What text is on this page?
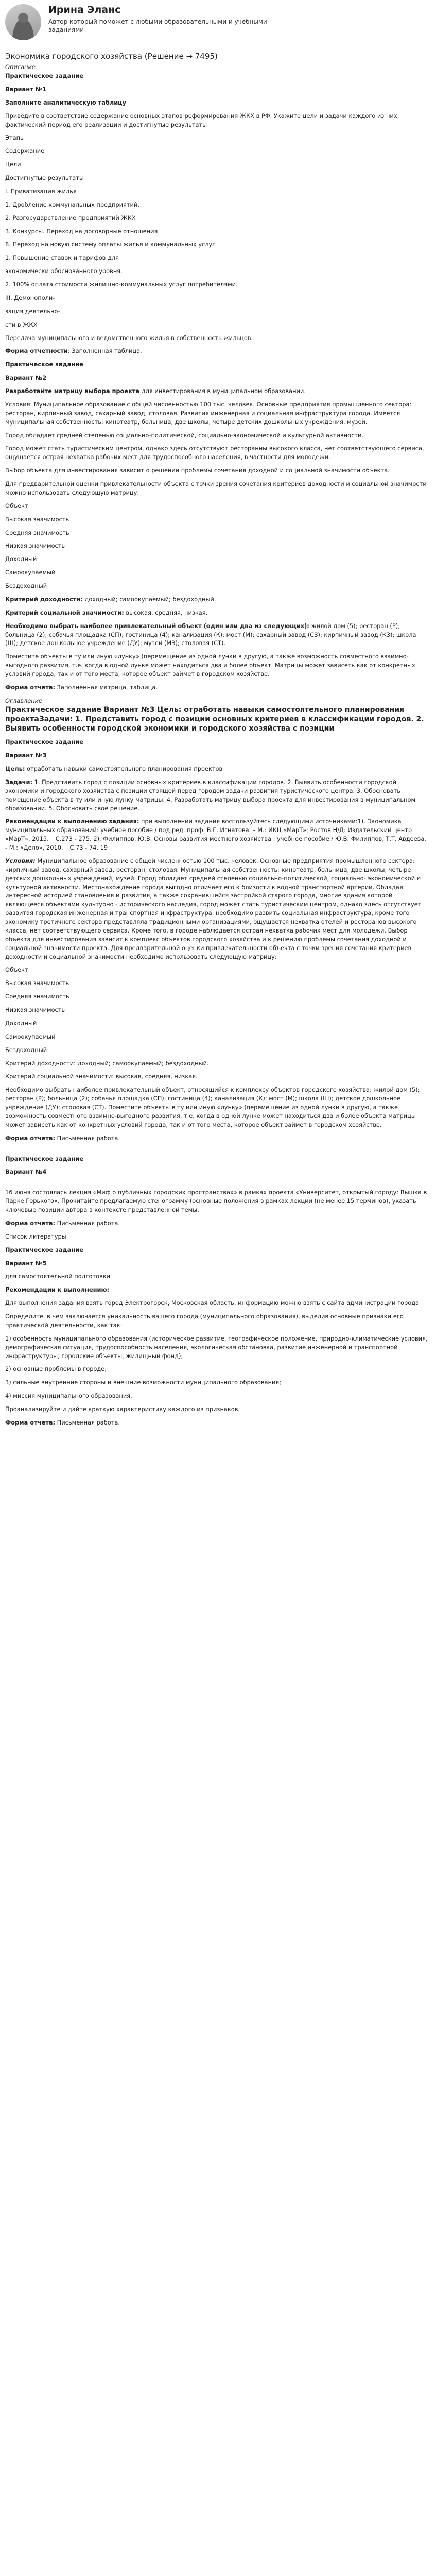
Ирина Эланс
Автор который поможет с любыми образовательными и учебными заданиями
Экономика городского хозяйства (Решение → 7495)
Описание
Практическое задание

Вариант №1

Заполните аналитическую таблицу

Приведите в соответствие содержание основных этапов реформирования ЖКХ в РФ. Укажите цели и задачи каждого из них, фактический период его реализации и достигнутые результаты

Этапы

Содержание

Цели

Достигнутые результаты

I. Приватизация жилья

1. Дробление коммунальных предприятий.

2. Разгосударствление предприятий ЖКХ

3. Конкурсы. Переход на договорные отношения

8. Переход на новую систему оплаты жилья и коммунальных услуг

1. Повышение ставок и тарифов для

экономически обоснованного уровня.

2. 100% оплата стоимости жилищно-коммунальных услуг потребителями.

III. Демонополи-

зация деятельно-

сти в ЖКХ

Передача муниципального и ведомственного жилья в собственность жильцов.

Форма отчетности: Заполненная таблица.

Практическое задание

Вариант №2

Разработайте матрицу выбора проекта для инвестирования в муниципальном образовании.

Условия: Муниципальное образование с общей численностью 100 тыс. человек. Основные предприятия промышленного сектора: ресторан, кирпичный завод, сахарный завод, столовая. Развития инженерная и социальная инфраструктура города. Имеется муниципальная собственность: кинотеатр, больница, две школы, четыре детских дошкольных учреждения, музей.

Город обладает средней степенью социально-политической, социально-экономической и культурной активности.

Город может стать туристическим центром, однако здесь отсутствуют ресторанны высокого класса, нет соответствующего сервиса, ощущается острая нехватка рабочих мест для трудоспособного населения, в частности для молодежи.

Выбор объекта для инвестирования зависит о решении проблемы сочетания доходной и социальной значимости объекта.

Для предварительной оценки привлекательности объекта с точки зрения сочетания критериев доходности и социальной значимости можно использовать следующую матрицу:

Объект

Высокая значимость

Средняя значимость

Низкая значимость

Доходный

Самоокупаемый

Бездоходный

Критерий доходности: доходный; самоокупаемый; бездоходный.

Критерий социальной значимости: высокая, средняя, низкая.

Необходимо выбрать наиболее привлекательный объект (один или два из следующих): жилой дом (5); ресторан (Р); больница (2); собачья площадка (СП); гостиница (4); канализация (К); мост (М); сахарный завод (СЗ); кирпичный завод (КЗ); школа (Ш); детское дошкольное учреждение (ДУ); музей (МЗ); столовая (СТ).

Поместите объекты в ту или иную «лунку» (перемещение из одной лунки в другую, а также возможность совместного взаимно-выгодного развития, т.е. когда в одной лунке может находиться два и более объект. Матрицы может зависеть как от конкретных условий города, так и от того места, которое объект займет в городском хозяйстве.

Форма отчета: Заполненная матрица, таблица.

Оглавление

Практическое задание Вариант №3 Цель: отработать навыки самостоятельного планирования проектаЗадачи: 1. Представить город с позиции основных критериев в классификации городов. 2. Выявить особенности городской экономики и городского хозяйства с позиции

Практическое задание

Вариант №3

Цель: отработать навыки самостоятельного планирования проектов

Задачи: 1. Представить город с позиции основных критериев в классификации городов. 2. Выявить особенности городской экономики и городского хозяйства с позиции стоящей перед городом задачи развития туристического центра. 3. Обосновать помещение объекта в ту или иную лунку матрицы. 4. Разработать матрицу выбора проекта для инвестирования в муниципальном образовании. 5. Обосновать свое решение.

Рекомендации к выполнению задания: при выполнении задания воспользуйтесь следующими источниками:1). Экономика муниципальных образований: учебное пособие / под ред. проф. В.Г. Игнатова. – М.: ИКЦ «МарТ»; Ростов Н/Д: Издательский центр «МарТ», 2015. – С.273 - 275. 2). Филиппов, Ю.В. Основы развития местного хозяйства : учебное пособие / Ю.В. Филиппов, Т.Т. Авдеева. - М.: «Дело», 2010. – С.73 - 74. 19

Условия: Муниципальное образование с общей численностью 100 тыс. человек. Основные предприятия промышленного сектора: кирпичный завод, сахарный завод, ресторан, столовая. Муниципальная собственность: кинотеатр, больница, две школы, четыре детских дошкольных учреждений, музей. Город обладает средней степенью социально-политической, социально- экономической и культурной активности. Местонахождение города выгодно отличает его к близости к водной транспортной артерии. Обладая интересной историей становления и развития, а также сохранившейся застройкой старого города, многие здания которой являющееся объектами культурно - исторического наследия, город может стать туристическим центром, однако здесь отсутствует развитая городская инженерная и транспортная инфраструктура, необходимо развить социальная инфраструктура, кроме того экономику третичного сектора представляла традиционными организациями, ощущается нехватка отелей и ресторанов высокого класса, нет соответствующего сервиса. Кроме того, в городе наблюдается острая нехватка рабочих мест для молодежи. Выбор объекта для инвестирования зависит к комплекс объектов городского хозяйства и к решению проблемы сочетания доходной и социальной значимости проекта. Для предварительной оценки привлекательности объекта с точки зрения сочетания критериев доходности и социальной значимости необходимо использовать следующую матрицу:

Объект

Высокая значимость

Средняя значимость

Низкая значимость

Доходный

Самоокупаемый

Бездоходный

Критерий доходности: доходный; самоокупаемый; бездоходный.

Критерий социальной значимости: высокая, средняя, низкая.

Необходимо выбрать наиболее привлекательный объект, относящийся к комплексу объектов городского хозяйства: жилой дом (5); ресторан (Р); больница (2); собачья площадка (СП); гостиница (4); канализация (К); мост (М); школа (Ш); детское дошкольное учреждение (ДУ); столовая (СТ). Поместите объекты в ту или иную «лунку» (перемещение из одной лунки в другую, а также возможность совместного взаимно-выгодного развития, т.е. когда в одной лунке может находиться два и более объекта матрицы может зависеть как от конкретных условий города, так и от того места, которое объект займет в городском хозяйстве.

Форма отчета: Письменная работа.

Практическое задание

Вариант №4

16 июня состоялась лекция «Миф о публичных городских пространствах» в рамках проекта «Университет, открытый городу: Вышка в Парке Горького». Прочитайте предлагаемую стенограмму (основные положения в рамках лекции (не менее 15 терминов), указать ключевые позиции автора в контексте представленной темы.

Форма отчета: Письменная работа.

Список литературы

Практическое задание

Вариант №5

для самостоятельной подготовки

Рекомендации к выполнению:

Для выполнения задания взять город Электрогорск, Московская область, информацию можно взять с сайта администрации города

Определите, в чем заключается уникальность вашего города (муниципального образования), выделив основные признаки его практической деятельности, как так:

1) особенность муниципального образования (историческое развитие, географическое положение, природно-климатические условия, демографическая ситуация, трудоспособность населения, экологическая обстановка, развитие инженерной и транспортной инфраструктуры, городские объекты, жилищный фонд);

2) основные проблемы в городе;

3) сильные внутренние стороны и внешние возможности муниципального образования;

4) миссия муниципального образования.

Проанализируйте и дайте краткую характеристику каждого из признаков.

Форма отчета: Письменная работа.
